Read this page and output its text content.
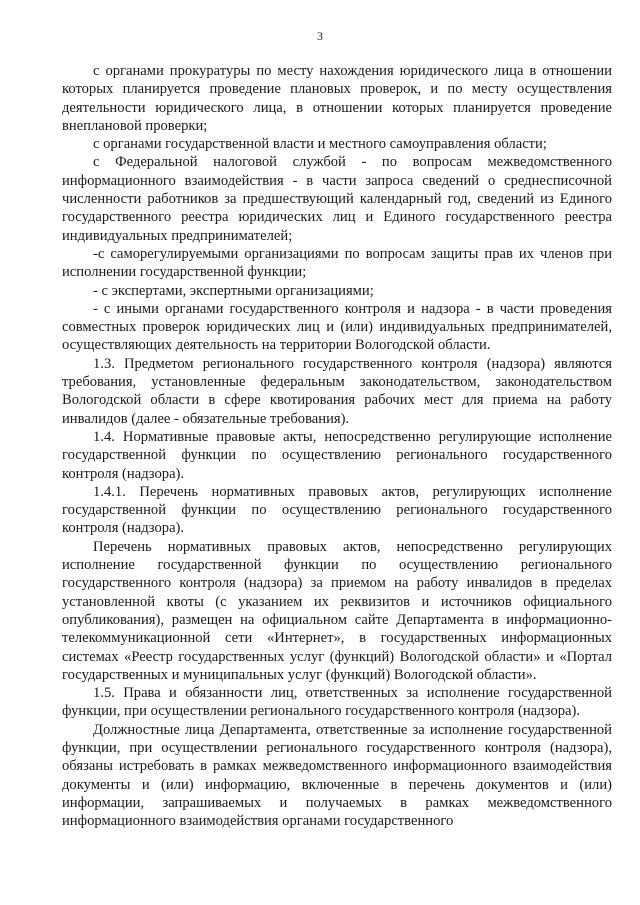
3

с органами прокуратуры по месту нахождения юридического лица в отношении которых планируется проведение плановых проверок, и по месту осуществления деятельности юридического лица, в отношении которых планируется проведение внеплановой проверки;

с органами государственной власти и местного самоуправления области;

с Федеральной налоговой службой - по вопросам межведомственного информационного взаимодействия - в части запроса сведений о среднесписочной численности работников за предшествующий календарный год, сведений из Единого государственного реестра юридических лиц и Единого государственного реестра индивидуальных предпринимателей;

-с саморегулируемыми организациями по вопросам защиты прав их членов при исполнении государственной функции;

- с экспертами, экспертными организациями;

- с иными органами государственного контроля и надзора - в части проведения совместных проверок юридических лиц и (или) индивидуальных предпринимателей, осуществляющих деятельность на территории Вологодской области.

1.3. Предметом регионального государственного контроля (надзора) являются требования, установленные федеральным законодательством, законодательством Вологодской области в сфере квотирования рабочих мест для приема на работу инвалидов (далее - обязательные требования).

1.4. Нормативные правовые акты, непосредственно регулирующие исполнение государственной функции по осуществлению регионального государственного контроля (надзора).

1.4.1. Перечень нормативных правовых актов, регулирующих исполнение государственной функции по осуществлению регионального государственного контроля (надзора).

Перечень нормативных правовых актов, непосредственно регулирующих исполнение государственной функции по осуществлению регионального государственного контроля (надзора) за приемом на работу инвалидов в пределах установленной квоты (с указанием их реквизитов и источников официального опубликования), размещен на официальном сайте Департамента в информационно-телекоммуникационной сети «Интернет», в государственных информационных системах «Реестр государственных услуг (функций) Вологодской области» и «Портал государственных и муниципальных услуг (функций) Вологодской области».

1.5. Права и обязанности лиц, ответственных за исполнение государственной функции, при осуществлении регионального государственного контроля (надзора).

Должностные лица Департамента, ответственные за исполнение государственной функции, при осуществлении регионального государственного контроля (надзора), обязаны истребовать в рамках межведомственного информационного взаимодействия документы и (или) информацию, включенные в перечень документов и (или) информации, запрашиваемых и получаемых в рамках межведомственного информационного взаимодействия органами государственного
